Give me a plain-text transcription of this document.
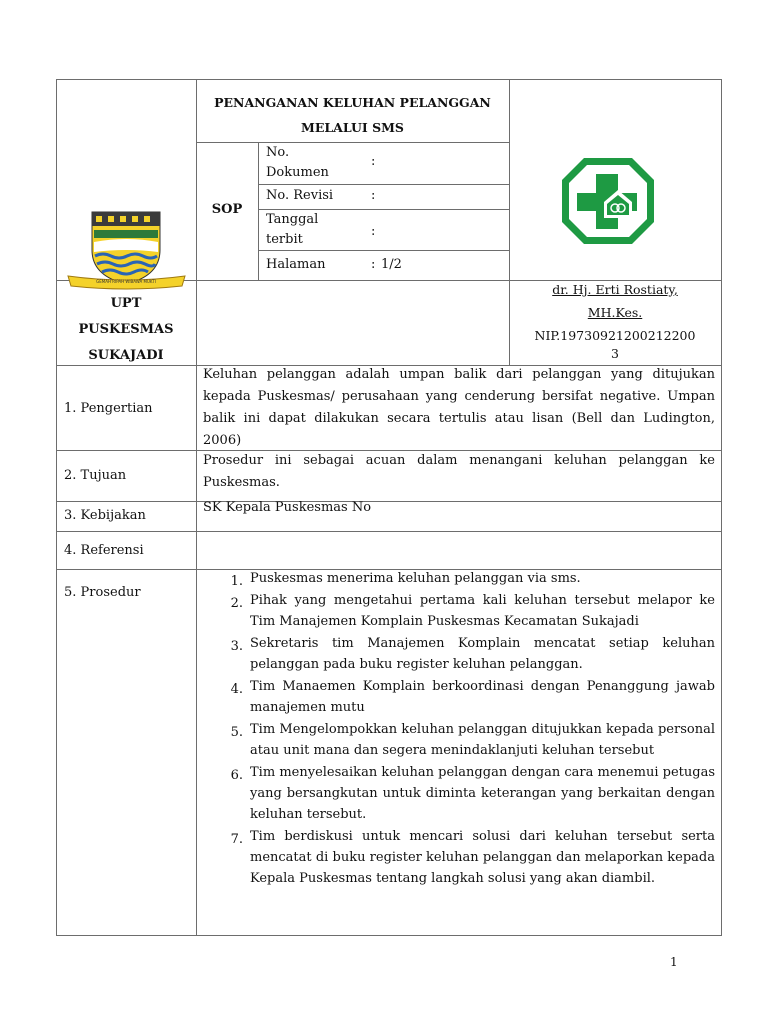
GEMAH RIPAH WIBAWA MUKTI
UPT
PUSKESMAS
SUKAJADI
PENANGANAN KELUHAN PELANGGAN
MELALUI SMS
SOP
No.
Dokumen
:
No. Revisi	:
Tanggal
terbit
:
Halaman	: 1/2
dr. Hj. Erti Rostiaty,
MH.Kes.
NIP.19730921200212200
3
1. Pengertian
Keluhan pelanggan adalah umpan balik dari pelanggan yang ditujukan kepada Puskesmas/ perusahaan yang cenderung bersifat negative. Umpan balik ini dapat dilakukan secara tertulis atau lisan (Bell dan Ludington, 2006)
2. Tujuan
Prosedur ini sebagai acuan dalam menangani keluhan pelanggan ke Puskesmas.
3. Kebijakan
SK Kepala Puskesmas No
4. Referensi
5. Prosedur
1. Puskesmas menerima keluhan pelanggan via sms.
2. Pihak yang mengetahui pertama kali keluhan tersebut melapor ke Tim Manajemen Komplain Puskesmas Kecamatan Sukajadi
3. Sekretaris tim Manajemen Komplain mencatat setiap keluhan pelanggan pada buku register keluhan pelanggan.
4. Tim Manaemen Komplain berkoordinasi dengan Penanggung jawab manajemen mutu
5. Tim Mengelompokkan keluhan pelanggan ditujukkan kepada personal atau unit mana dan segera menindaklanjuti keluhan tersebut
6. Tim menyelesaikan keluhan pelanggan dengan cara menemui petugas yang bersangkutan untuk diminta keterangan yang berkaitan dengan keluhan tersebut.
7. Tim berdiskusi untuk mencari solusi dari keluhan tersebut serta mencatat di buku register keluhan pelanggan dan melaporkan kepada Kepala Puskesmas tentang langkah solusi yang akan diambil.
1
